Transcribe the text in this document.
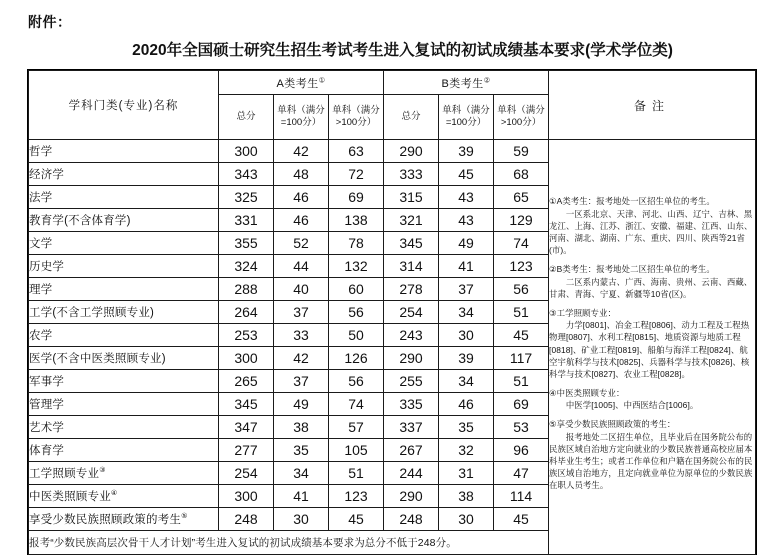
附件：
2020年全国硕士研究生招生考试考生进入复试的初试成绩基本要求(学术学位类)
学科门类(专业)名称	A类考生①			B类考生②			备注
	总分	单科（满分
=100分）	单科（满分
>100分）	总分	单科（满分
=100分）	单科（满分
>100分）	
哲学	300	42	63	290	39	59	
①A类考生：报考地处一区招生单位的考生。
一区系北京、天津、河北、山西、辽宁、吉林、黑龙江、上海、江苏、浙江、安徽、福建、江西、山东、河南、湖北、湖南、广东、重庆、四川、陕西等21省(市)。
②B类考生：报考地处二区招生单位的考生。
二区系内蒙古、广西、海南、贵州、云南、西藏、甘肃、青海、宁夏、新疆等10省(区)。
③工学照顾专业：
力学[0801]、冶金工程[0806]、动力工程及工程热物理[0807]、水利工程[0815]、地质资源与地质工程[0818]、矿业工程[0819]、船舶与海洋工程[0824]、航空宇航科学与技术[0825]、兵器科学与技术[0826]、核科学与技术[0827]、农业工程[0828]。
④中医类照顾专业：
中医学[1005]、中西医结合[1006]。
⑤享受少数民族照顾政策的考生：
报考地处二区招生单位，且毕业后在国务院公布的民族区域自治地方定向就业的少数民族普通高校应届本科毕业生考生；或者工作单位和户籍在国务院公布的民族区域自治地方，且定向就业单位为原单位的少数民族在职人员考生。

经济学	343	48	72	333	45	68	
法学	325	46	69	315	43	65	
教育学(不含体育学)	331	46	138	321	43	129	
文学	355	52	78	345	49	74	
历史学	324	44	132	314	41	123	
理学	288	40	60	278	37	56	
工学(不含工学照顾专业)	264	37	56	254	34	51	
农学	253	33	50	243	30	45	
医学(不含中医类照顾专业)	300	42	126	290	39	117	
军事学	265	37	56	255	34	51	
管理学	345	49	74	335	46	69	
艺术学	347	38	57	337	35	53	
体育学	277	35	105	267	32	96	
工学照顾专业③	254	34	51	244	31	47	
中医类照顾专业④	300	41	123	290	38	114	
享受少数民族照顾政策的考生⑤	248	30	45	248	30	45	
报考“少数民族高层次骨干人才计划”考生进入复试的初试成绩基本要求为总分不低于248分。							
